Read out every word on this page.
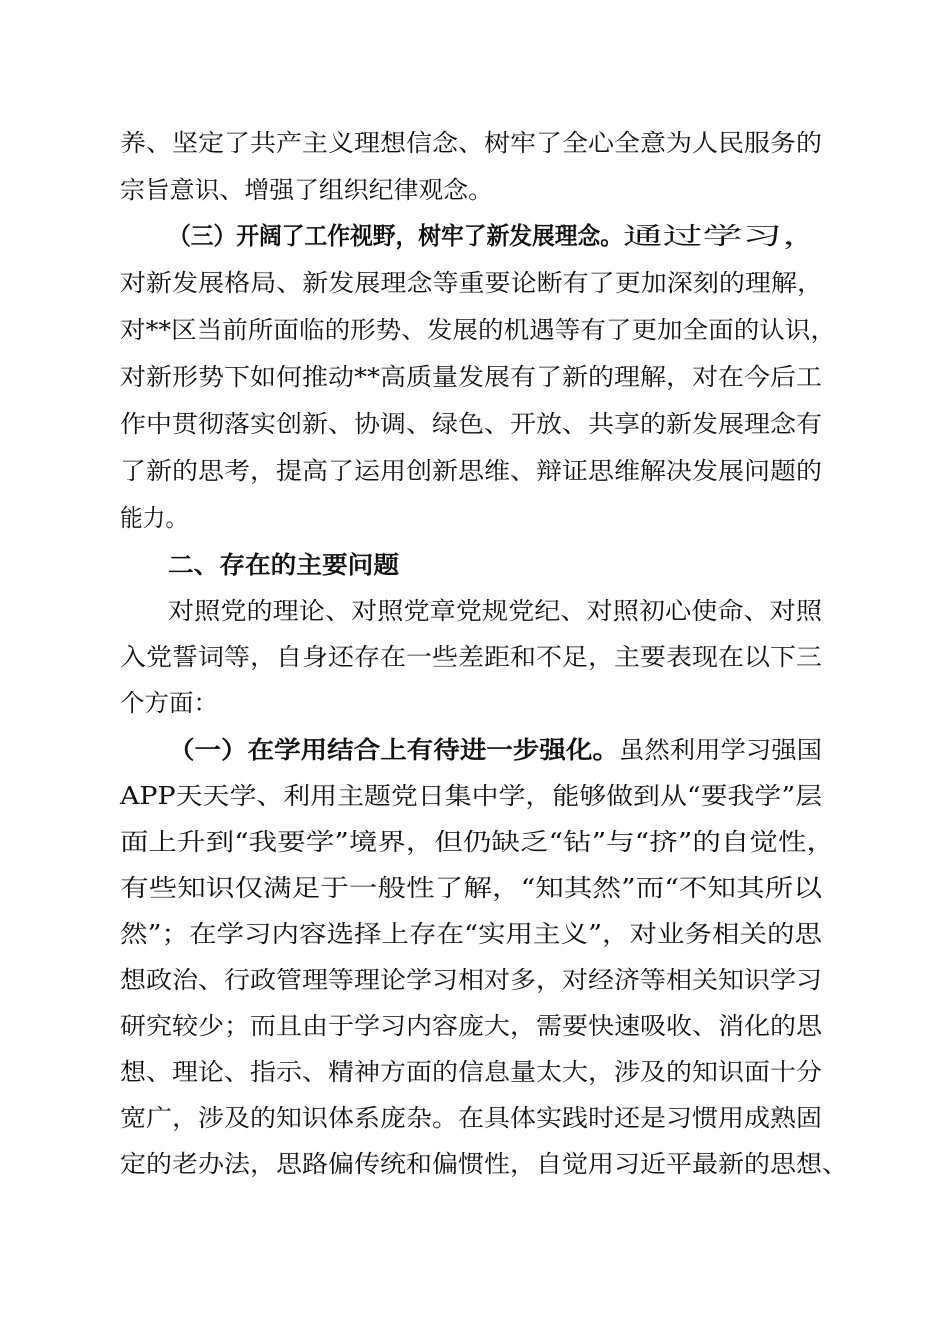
养、坚定了共产主义理想信念、树牢了全心全意为人民服务的
宗旨意识、增强了组织纪律观念。
（三）开阔了工作视野，树牢了新发展理念。 通过学习，
对新发展格局、新发展理念等重要论断有了更加深刻的理解，
对**区当前所面临的形势、发展的机遇等有了更加全面的认识，
对新形势下如何推动**高质量发展有了新的理解，对在今后工
作中贯彻落实创新、协调、绿色、开放、共享的新发展理念有
了新的思考，提高了运用创新思维、辩证思维解决发展问题的
能力。
二、存在的主要问题
对照党的理论、对照党章党规党纪、对照初心使命、对照
入党誓词等，自身还存在一些差距和不足，主要表现在以下三
个方面：
（一）在学用结合上有待进一步强化。 虽然利用学习强国
APP天天学、利用主题党日集中学，能够做到从“要我学”层
面上升到“我要学”境界，但仍缺乏“钻”与“挤”的自觉性，
有些知识仅满足于一般性了解，“知其然”而“不知其所以
然”；在学习内容选择上存在“实用主义”，对业务相关的思
想政治、行政管理等理论学习相对多，对经济等相关知识学习
研究较少；而且由于学习内容庞大，需要快速吸收、消化的思
想、理论、指示、精神方面的信息量太大，涉及的知识面十分
宽广，涉及的知识体系庞杂。在具体实践时还是习惯用成熟固
定的老办法，思路偏传统和偏惯性，自觉用习近平最新的思想、
